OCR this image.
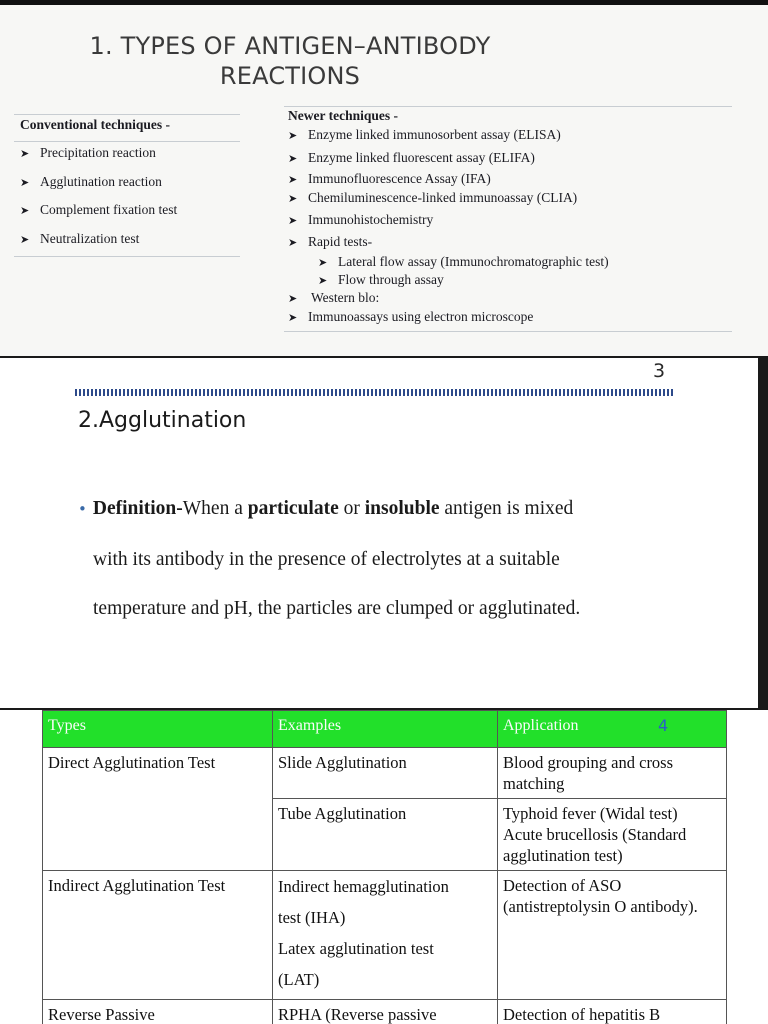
1. TYPES OF ANTIGEN–ANTIBODY
REACTIONS
Conventional techniques -
➤ Precipitation reaction
➤ Agglutination reaction
➤ Complement fixation test
➤ Neutralization test
Newer techniques -
➤ Enzyme linked immunosorbent assay (ELISA)
➤ Enzyme linked fluorescent assay (ELIFA)
➤ Immunofluorescence Assay (IFA)
➤ Chemiluminescence-linked immunoassay (CLIA)
➤ Immunohistochemistry
➤ Rapid tests-
➤ Lateral flow assay (Immunochromatographic test)
➤ Flow through assay
➤ Western blo:
➤ Immunoassays using electron microscope
3
2.Agglutination
• Definition-When a particulate or insoluble antigen is mixed
with its antibody in the presence of electrolytes at a suitable
temperature and pH, the particles are clumped or agglutinated.
Types	Examples	Application 4

Direct Agglutination Test	Slide Agglutination	Blood grouping and cross matching
	Tube Agglutination	Typhoid fever (Widal test)
Acute brucellosis (Standard agglutination test)

Indirect Agglutination Test	Indirect hemagglutination
test (IHA)
Latex agglutination test
(LAT)	Detection of ASO (antistreptolysin O antibody).
Reverse Passive	RPHA (Reverse passive	Detection of hepatitis B
